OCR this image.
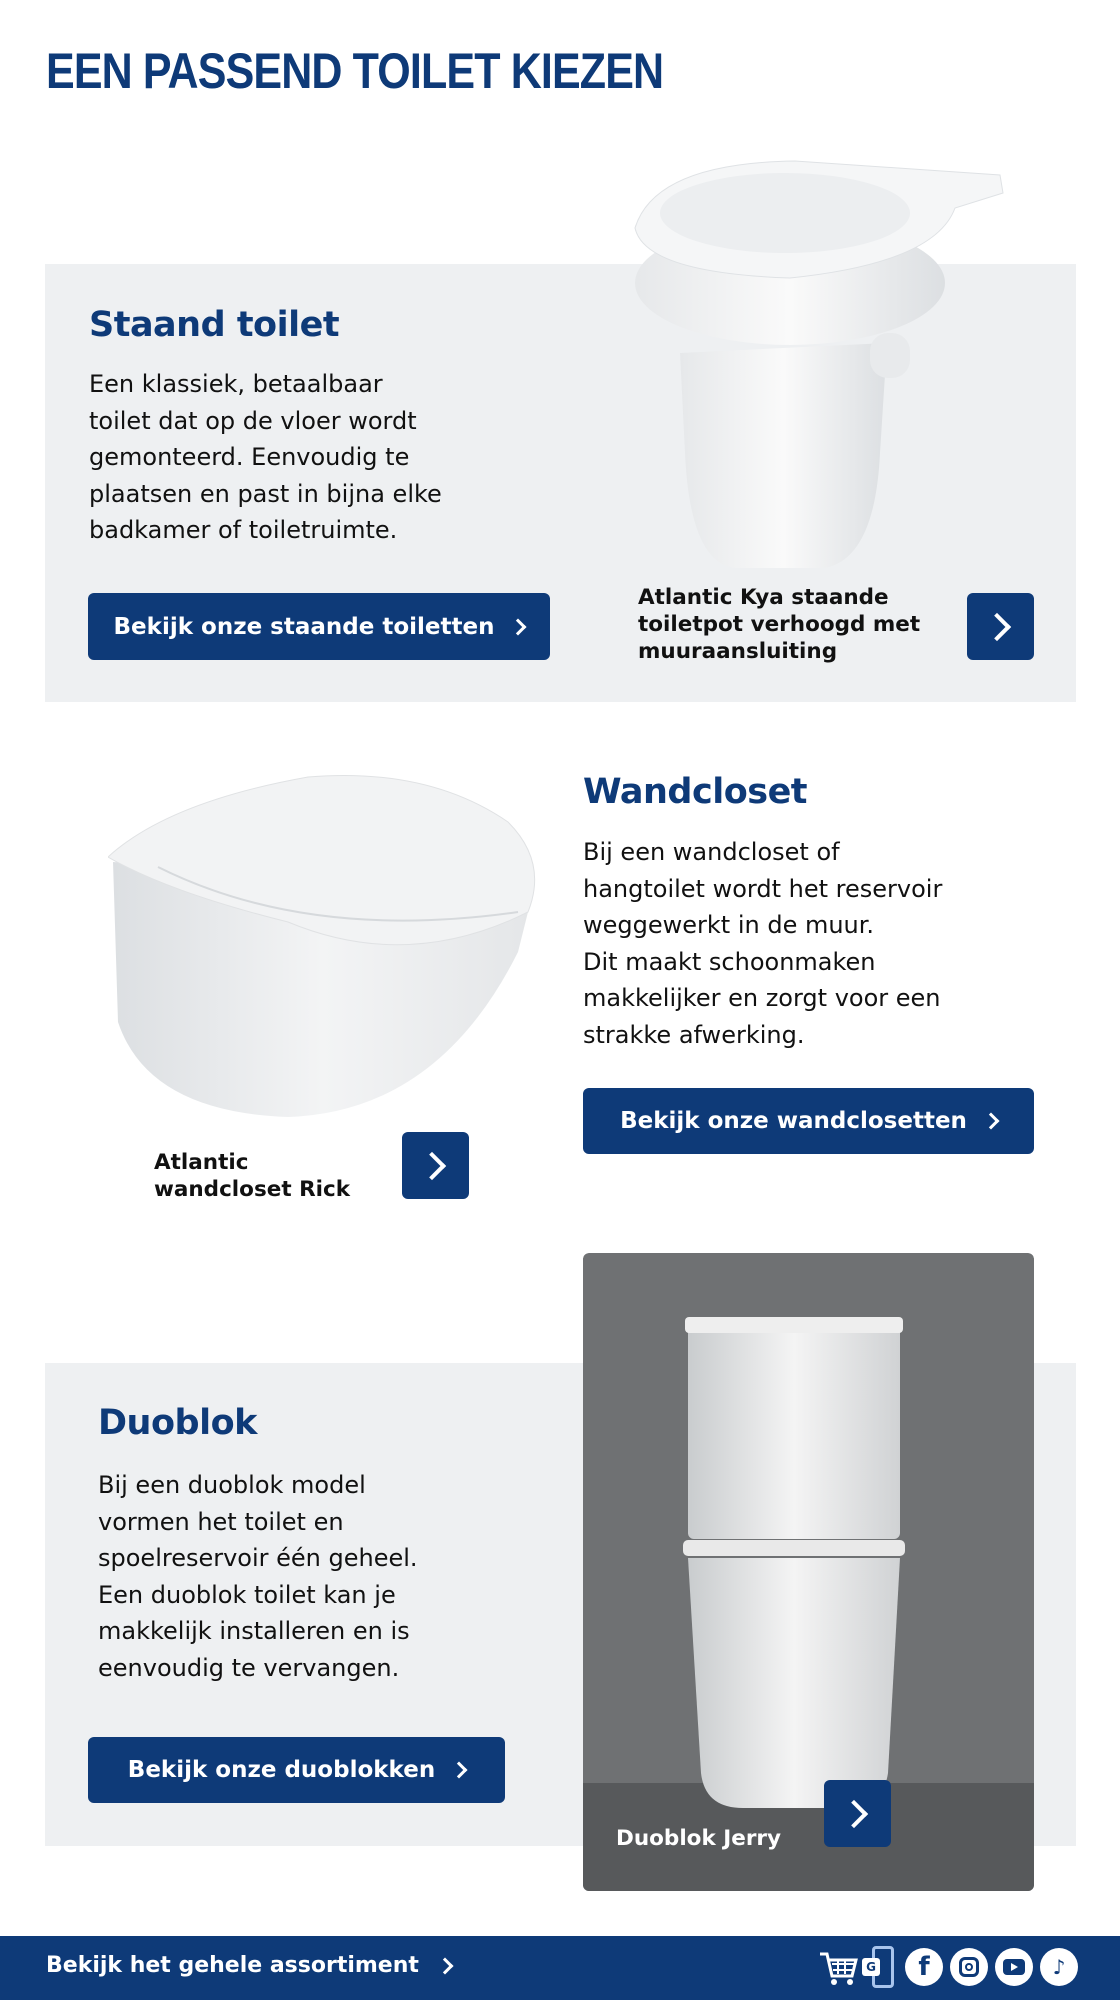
EEN PASSEND TOILET KIEZEN
Staand toilet
Een klassiek, betaalbaar
toilet dat op de vloer wordt
gemonteerd. Eenvoudig te
plaatsen en past in bijna elke
badkamer of toiletruimte.
Bekijk onze staande toiletten
Atlantic Kya staande
toiletpot verhoogd met
muuraansluiting
Wandcloset
Bij een wandcloset of
hangtoilet wordt het reservoir
weggewerkt in de muur.
Dit maakt schoonmaken
makkelijker en zorgt voor een
strakke afwerking.
Bekijk onze wandclosetten
Atlantic
wandcloset Rick
Duoblok
Bij een duoblok model
vormen het toilet en
spoelreservoir één geheel.
Een duoblok toilet kan je
makkelijk installeren en is
eenvoudig te vervangen.
Bekijk onze duoblokken
Duoblok Jerry
Bekijk het gehele assortiment	G f	♪
